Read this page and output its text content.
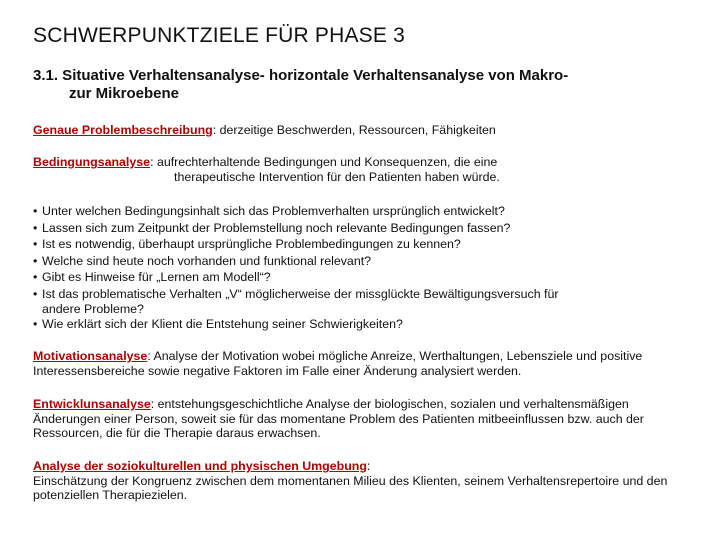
SCHWERPUNKTZIELE FÜR PHASE 3
3.1. Situative Verhaltensanalyse- horizontale Verhaltensanalyse von Makro-
zur Mikroebene
Genaue Problembeschreibung: derzeitige Beschwerden, Ressourcen, Fähigkeiten
Bedingungsanalyse: aufrechterhaltende Bedingungen und Konsequenzen, die eine
therapeutische Intervention für den Patienten haben würde.
• Unter welchen Bedingungsinhalt sich das Problemverhalten ursprünglich entwickelt?
• Lassen sich zum Zeitpunkt der Problemstellung noch relevante Bedingungen fassen?
• Ist es notwendig, überhaupt ursprüngliche Problembedingungen zu kennen?
• Welche sind heute noch vorhanden und funktional relevant?
• Gibt es Hinweise für „Lernen am Modell“?
• Ist das problematische Verhalten „V“ möglicherweise der missglückte Bewältigungsversuch für
andere Probleme?
• Wie erklärt sich der Klient die Entstehung seiner Schwierigkeiten?
Motivationsanalyse: Analyse der Motivation wobei mögliche Anreize, Werthaltungen, Lebensziele und positive Interessensbereiche sowie negative Faktoren im Falle einer Änderung analysiert werden.
Entwicklunsanalyse: entstehungsgeschichtliche Analyse der biologischen, sozialen und verhaltensmäßigen Änderungen einer Person, soweit sie für das momentane Problem des Patienten mitbeeinflussen bzw. auch der Ressourcen, die für die Therapie daraus erwachsen.
Analyse der soziokulturellen und physischen Umgebung:
Einschätzung der Kongruenz zwischen dem momentanen Milieu des Klienten, seinem Verhaltensrepertoire und den potenziellen Therapiezielen.
